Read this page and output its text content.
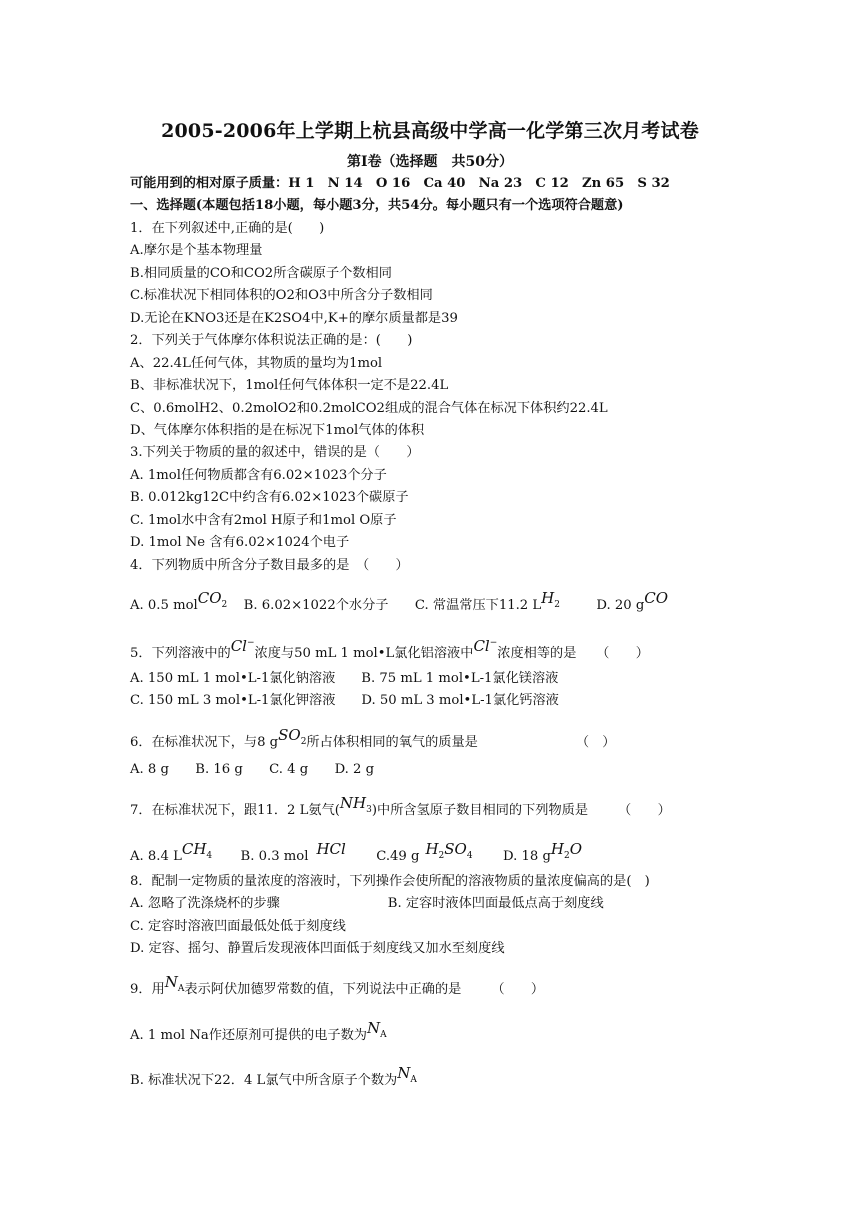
2005-2006年上学期上杭县高级中学高一化学第三次月考试卷
第Ⅰ卷（选择题　共50分）
可能用到的相对原子质量：H 1　N 14　O 16　Ca 40　Na 23　C 12　Zn 65　S 32
一、选择题(本题包括18小题，每小题3分，共54分。每小题只有一个选项符合题意)
1．在下列叙述中,正确的是(　　)
A.摩尔是个基本物理量
B.相同质量的CO和CO2所含碳原子个数相同
C.标准状况下相同体积的O2和O3中所含分子数相同
D.无论在KNO3还是在K2SO4中,K+的摩尔质量都是39
2．下列关于气体摩尔体积说法正确的是：(　　)
A、22.4L任何气体，其物质的量均为1mol
B、非标准状况下，1mol任何气体体积一定不是22.4L
C、0.6molH2、0.2molO2和0.2molCO2组成的混合气体在标况下体积约22.4L
D、气体摩尔体积指的是在标况下1mol气体的体积
3.下列关于物质的量的叙述中，错误的是（　　）
A. 1mol任何物质都含有6.02×1023个分子
B. 0.012kg12C中约含有6.02×1023个碳原子
C. 1mol水中含有2mol H原子和1mol O原子
D. 1mol Ne 含有6.02×1024个电子
4．下列物质中所含分子数目最多的是　（　　）
A. 0.5 molCO$_2$ B. 6.02×1022个水分子 C. 常温常压下11.2 $LH_2$	D. 20 gCO
5．下列溶液中的Cl−浓度与50 mL 1 mol•L氯化铝溶液中Cl−浓度相等的是　　（　　）
A. 150 mL 1 mol•L-1氯化钠溶液 B. 75 mL 1 mol•L-1氯化镁溶液
C. 150 mL 3 mol•L-1氯化钾溶液 D. 50 mL 3 mol•L-1氯化钙溶液
6．在标准状况下，与8 gSO$_2$所占体积相同的氧气的质量是	（　）
A. 8 g　　B. 16 g　　C. 4 g　　D. 2 g
7．在标准状况下，跟11．2 L氨气$(NH_3)$中所含氢原子数目相同的下列物质是 （　　）
A. 8.4 $LCH_4$ B. 0.3 mol HCl C.49 g $H_2SO_4$ D. 18 $gH_2O$
8．配制一定物质的量浓度的溶液时，下列操作会使所配的溶液物质的量浓度偏高的是(　)
A. 忽略了洗涤烧杯的步骤	B. 定容时液体凹面最低点高于刻度线
C. 定容时溶液凹面最低处低于刻度线
D. 定容、摇匀、静置后发现液体凹面低于刻度线又加水至刻度线
9．用$N_A$表示阿伏加德罗常数的值，下列说法中正确的是 （　　）
A. 1 mol Na作还原剂可提供的电子数为$N_A$
B. 标准状况下22．4 L氯气中所含原子个数为$N_A$
